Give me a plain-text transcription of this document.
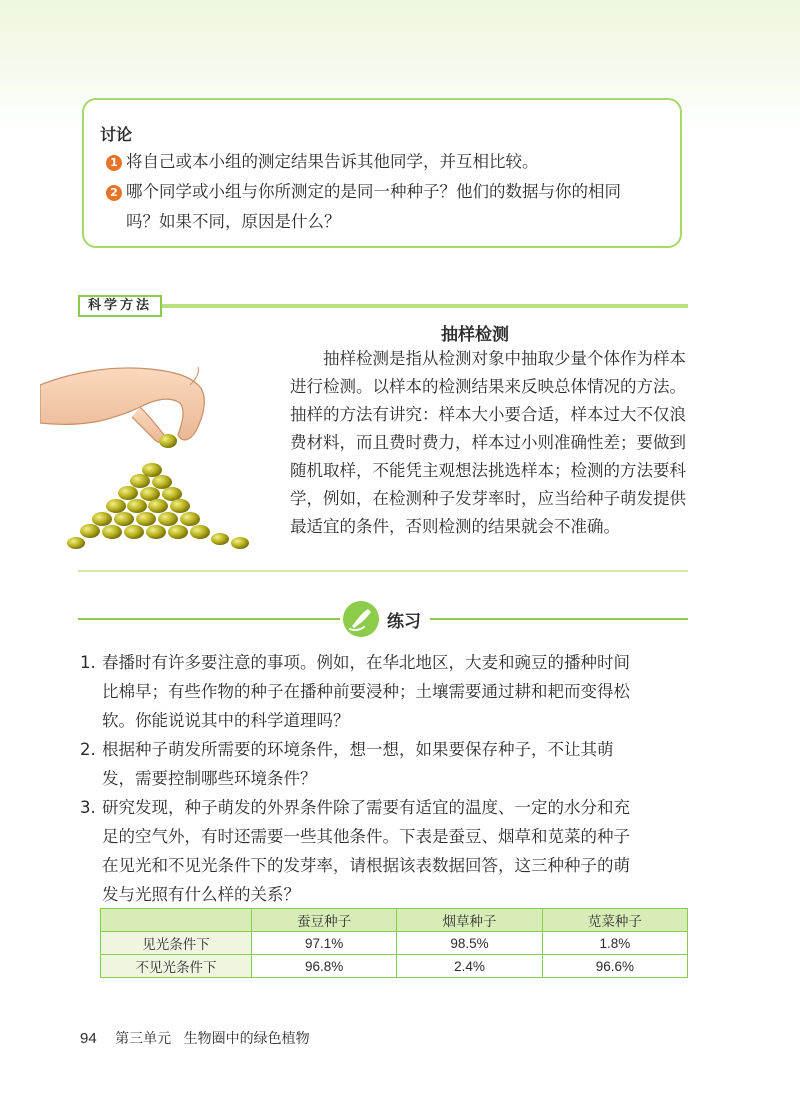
讨论
1 将自己或本小组的测定结果告诉其他同学，并互相比较。
2 哪个同学或小组与你所测定的是同一种种子？他们的数据与你的相同
吗？如果不同，原因是什么？
科学方法
抽样检测

抽样检测是指从检测对象中抽取少量个体作为样本进行检测。以样本的检测结果来反映总体情况的方法。抽样的方法有讲究：样本大小要合适，样本过大不仅浪费材料，而且费时费力，样本过小则准确性差；要做到随机取样，不能凭主观想法挑选样本；检测的方法要科学，例如，在检测种子发芽率时，应当给种子萌发提供最适宜的条件，否则检测的结果就会不准确。

练习
1. 春播时有许多要注意的事项。例如，在华北地区，大麦和豌豆的播种时间
比棉早；有些作物的种子在播种前要浸种；土壤需要通过耕和耙而变得松
软。你能说说其中的科学道理吗？
2. 根据种子萌发所需要的环境条件，想一想，如果要保存种子，不让其萌
发，需要控制哪些环境条件？
3. 研究发现，种子萌发的外界条件除了需要有适宜的温度、一定的水分和充
足的空气外，有时还需要一些其他条件。下表是蚕豆、烟草和苋菜的种子
在见光和不见光条件下的发芽率，请根据该表数据回答，这三种种子的萌
发与光照有什么样的关系？
	蚕豆种子	烟草种子	苋菜种子
见光条件下	97.1%	98.5%	1.8%
不见光条件下	96.8%	2.4%	96.6%
94 第三单元 生物圈中的绿色植物
